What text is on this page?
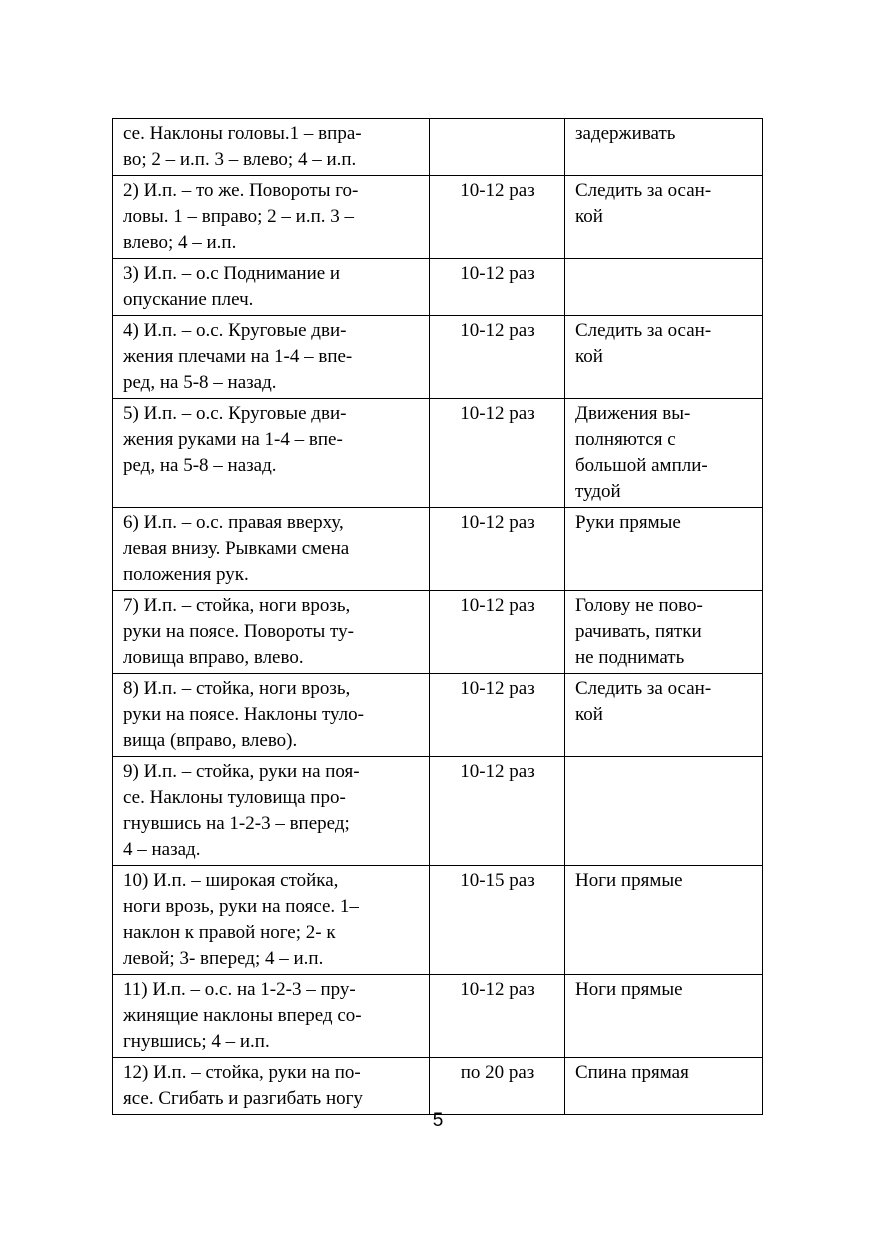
се. Наклоны головы.1 – впра-
во; 2 – и.п. 3 – влево; 4 – и.п.		задерживать

2) И.п. – то же. Повороты го-
ловы. 1 – вправо; 2 – и.п. 3 –
влево; 4 – и.п.	10-12 раз	Следить за осан-
кой

3) И.п. – о.с Поднимание и
опускание плеч.	10-12 раз	

4) И.п. – о.с. Круговые дви-
жения плечами на 1-4 – впе-
ред, на 5-8 – назад.	10-12 раз	Следить за осан-
кой

5) И.п. – о.с. Круговые дви-
жения руками на 1-4 – впе-
ред, на 5-8 – назад.	10-12 раз	Движения вы-
полняются с
большой ампли-
тудой

6) И.п. – о.с. правая вверху,
левая внизу. Рывками смена
положения рук.	10-12 раз	Руки прямые

7) И.п. – стойка, ноги врозь,
руки на поясе. Повороты ту-
ловища вправо, влево.	10-12 раз	Голову не пово-
рачивать, пятки
не поднимать

8) И.п. – стойка, ноги врозь,
руки на поясе. Наклоны туло-
вища (вправо, влево).	10-12 раз	Следить за осан-
кой

9) И.п. – стойка, руки на поя-
се. Наклоны туловища про-
гнувшись на 1-2-3 – вперед;
4 – назад.	10-12 раз	

10) И.п. – широкая стойка,
ноги врозь, руки на поясе. 1–
наклон к правой ноге; 2- к
левой; 3- вперед; 4 – и.п.	10-15 раз	Ноги прямые

11) И.п. – о.с. на 1-2-3 – пру-
жинящие наклоны вперед со-
гнувшись; 4 – и.п.	10-12 раз	Ноги прямые

12) И.п. – стойка, руки на по-
ясе. Сгибать и разгибать ногу	по 20 раз	Спина прямая
5
